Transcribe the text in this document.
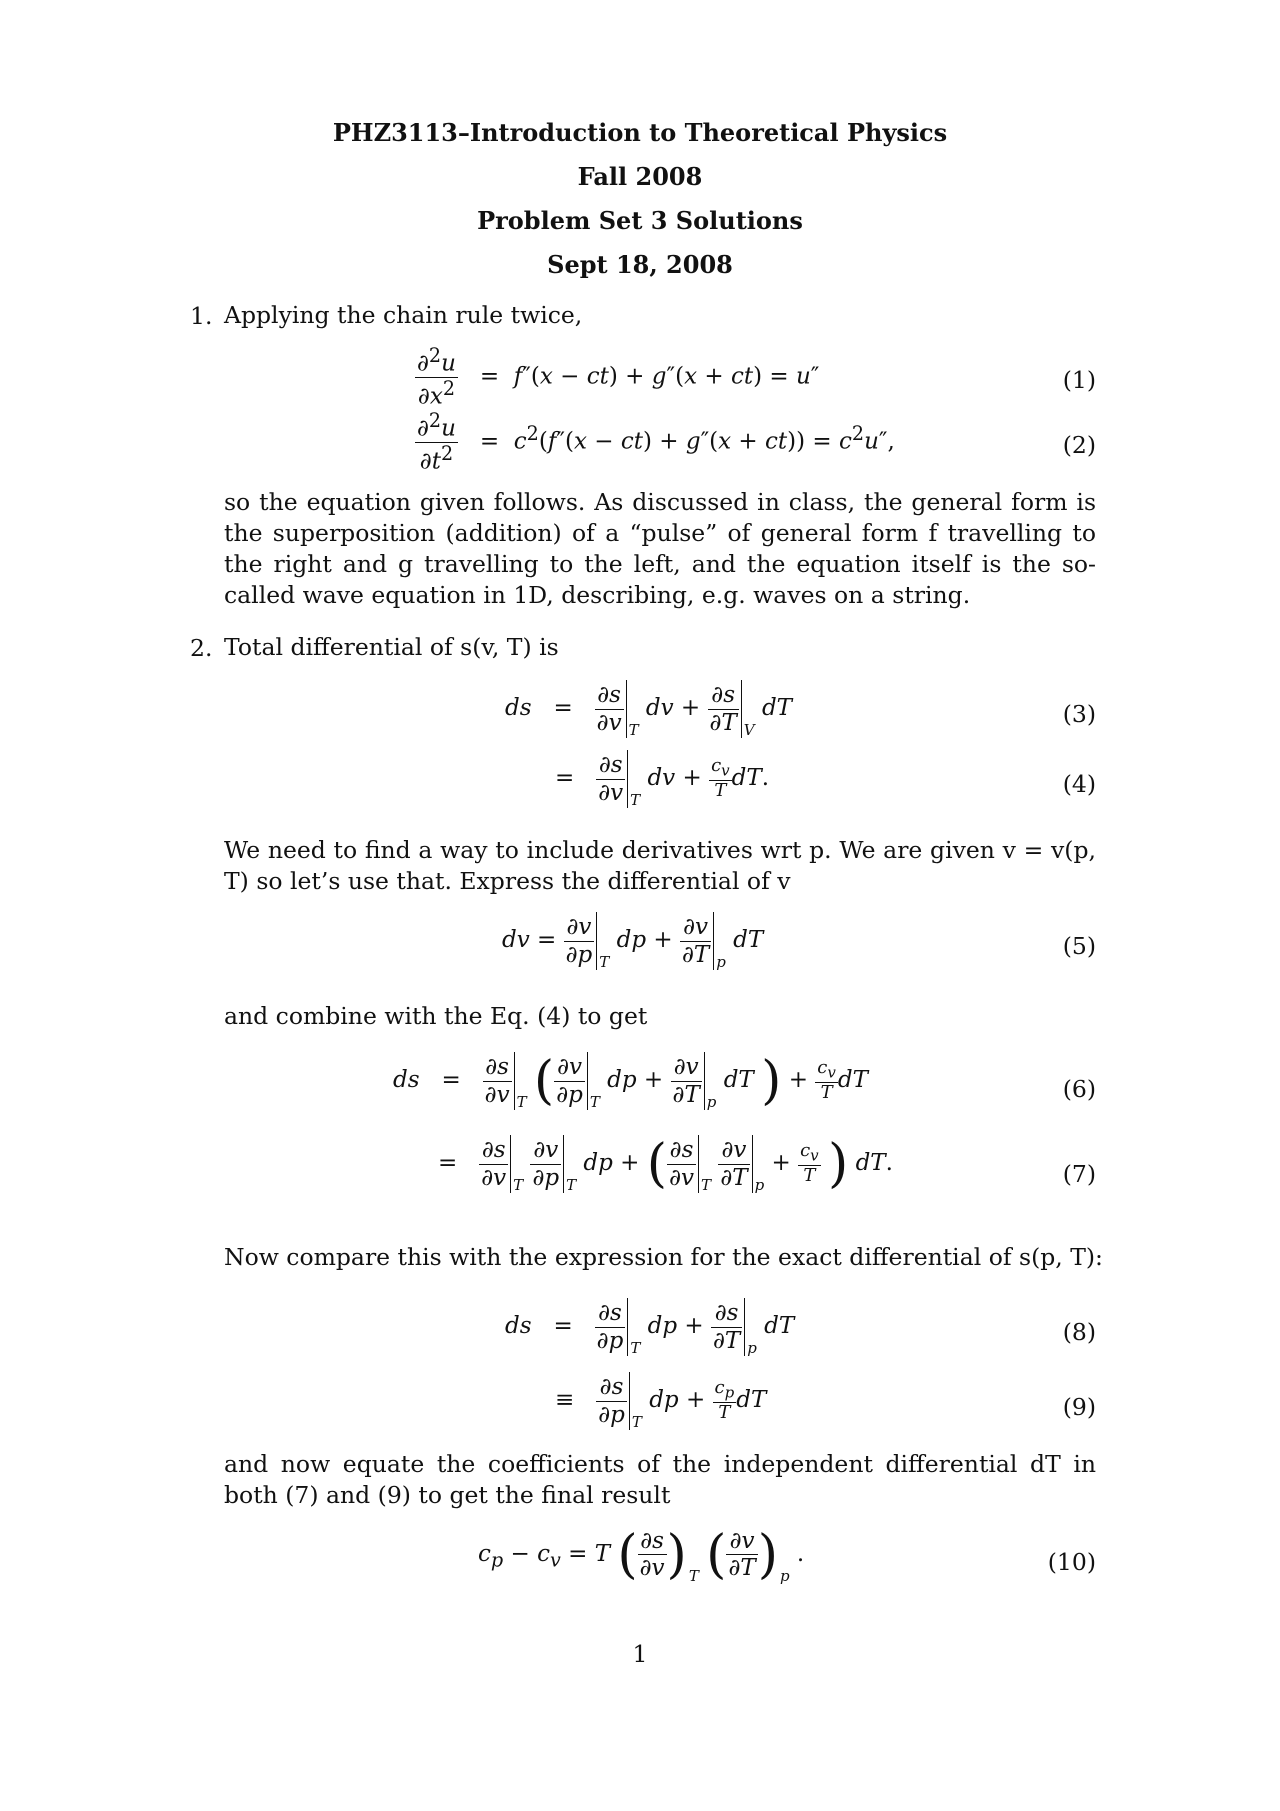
PHZ3113–Introduction to Theoretical Physics
Fall 2008
Problem Set 3 Solutions
Sept 18, 2008
1. Applying the chain rule twice,
$\frac{\partial^2u}{\partial x^2} = f''(x - ct) + g''(x + ct) = u''$	(1)
$\frac{\partial^2u}{\partial t^2} = c^2(f''(x - ct) + g''(x + ct)) = c^2u''$,	(2)
so the equation given follows. As discussed in class, the general form is the superposition (addition) of a “pulse” of general form f travelling to the right and g travelling to the left, and the equation itself is the so-called wave equation in 1D, describing, e.g. waves on a string.
2. Total differential of s(v, T) is
ds   = $\frac{\partial s}{\partial v} _T$ dv + $\frac{\partial s}{\partial T} _V$ dT	(3)
= $\frac{\partial s}{\partial v} _T$ dv + $\frac{c_v}{T}$ dT.	(4)
We need to find a way to include derivatives wrt p. We are given v = v(p, T) so let’s use that. Express the differential of v
dv = $\frac{\partial v}{\partial p} _T$ dp + $\frac{\partial v}{\partial T} _p$ dT	(5)
and combine with the Eq. (4) to get
ds   = $\frac{\partial s}{\partial v} _T$ ( $\frac{\partial v}{\partial p} _T$ dp + $\frac{\partial v}{\partial T} _p$ dT ) + $\frac{c_v}{T}$ dT	(6)
= $\frac{\partial s}{\partial v} _T \frac{\partial v}{\partial p} _T$ dp + ( $\frac{\partial s}{\partial v} _T \frac{\partial v}{\partial T} _p + \frac{c_v}{T}$ ) dT.	(7)
Now compare this with the expression for the exact differential of s(p, T):
ds   = $\frac{\partial s}{\partial p} _T$ dp + $\frac{\partial s}{\partial T} _p$ dT	(8)
≡ $\frac{\partial s}{\partial p} _T$ dp + $\frac{c_p}{T}$ dT	(9)
and now equate the coefficients of the independent differential dT in both (7) and (9) to get the final result
$c_p - c_v = T$ ( $\frac{\partial s}{\partial v}$ ) $_T$ ( $\frac{\partial v}{\partial T}$ ) $_p$ .	(10)
1
